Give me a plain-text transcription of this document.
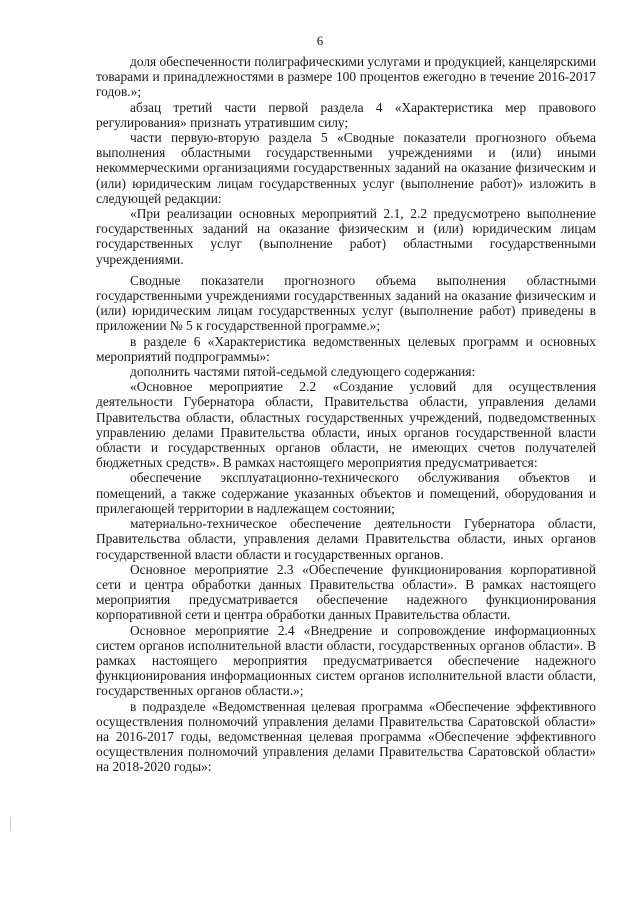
6

доля обеспеченности полиграфическими услугами и продукцией, канцелярскими товарами и принадлежностями в размере 100 процентов ежегодно в течение 2016-2017 годов.»;

абзац третий части первой раздела 4 «Характеристика мер правового регулирования» признать утратившим силу;

части первую-вторую раздела 5 «Сводные показатели прогнозного объема выполнения областными государственными учреждениями и (или) иными некоммерческими организациями государственных заданий на оказание физическим и (или) юридическим лицам государственных услуг (выполнение работ)» изложить в следующей редакции:

«При реализации основных мероприятий 2.1, 2.2 предусмотрено выполнение государственных заданий на оказание физическим и (или) юридическим лицам государственных услуг (выполнение работ) областными государственными учреждениями.

Сводные показатели прогнозного объема выполнения областными государственными учреждениями государственных заданий на оказание физическим и (или) юридическим лицам государственных услуг (выполнение работ) приведены в приложении № 5 к государственной программе.»;

в разделе 6 «Характеристика ведомственных целевых программ и основных мероприятий подпрограммы»:

дополнить частями пятой-седьмой следующего содержания:

«Основное мероприятие 2.2 «Создание условий для осуществления деятельности Губернатора области, Правительства области, управления делами Правительства области, областных государственных учреждений, подведомственных управлению делами Правительства области, иных органов государственной власти области и государственных органов области, не имеющих счетов получателей бюджетных средств». В рамках настоящего мероприятия предусматривается:

обеспечение эксплуатационно-технического обслуживания объектов и помещений, а также содержание указанных объектов и помещений, оборудования и прилегающей территории в надлежащем состоянии;

материально-техническое обеспечение деятельности Губернатора области, Правительства области, управления делами Правительства области, иных органов государственной власти области и государственных органов.

Основное мероприятие 2.3 «Обеспечение функционирования корпоративной сети и центра обработки данных Правительства области». В рамках настоящего мероприятия предусматривается обеспечение надежного функционирования корпоративной сети и центра обработки данных Правительства области.

Основное мероприятие 2.4 «Внедрение и сопровождение информационных систем органов исполнительной власти области, государственных органов области». В рамках настоящего мероприятия предусматривается обеспечение надежного функционирования информационных систем органов исполнительной власти области, государственных органов области.»;

в подразделе «Ведомственная целевая программа «Обеспечение эффективного осуществления полномочий управления делами Правительства Саратовской области» на 2016-2017 годы, ведомственная целевая программа «Обеспечение эффективного осуществления полномочий управления делами Правительства Саратовской области» на 2018-2020 годы»:
